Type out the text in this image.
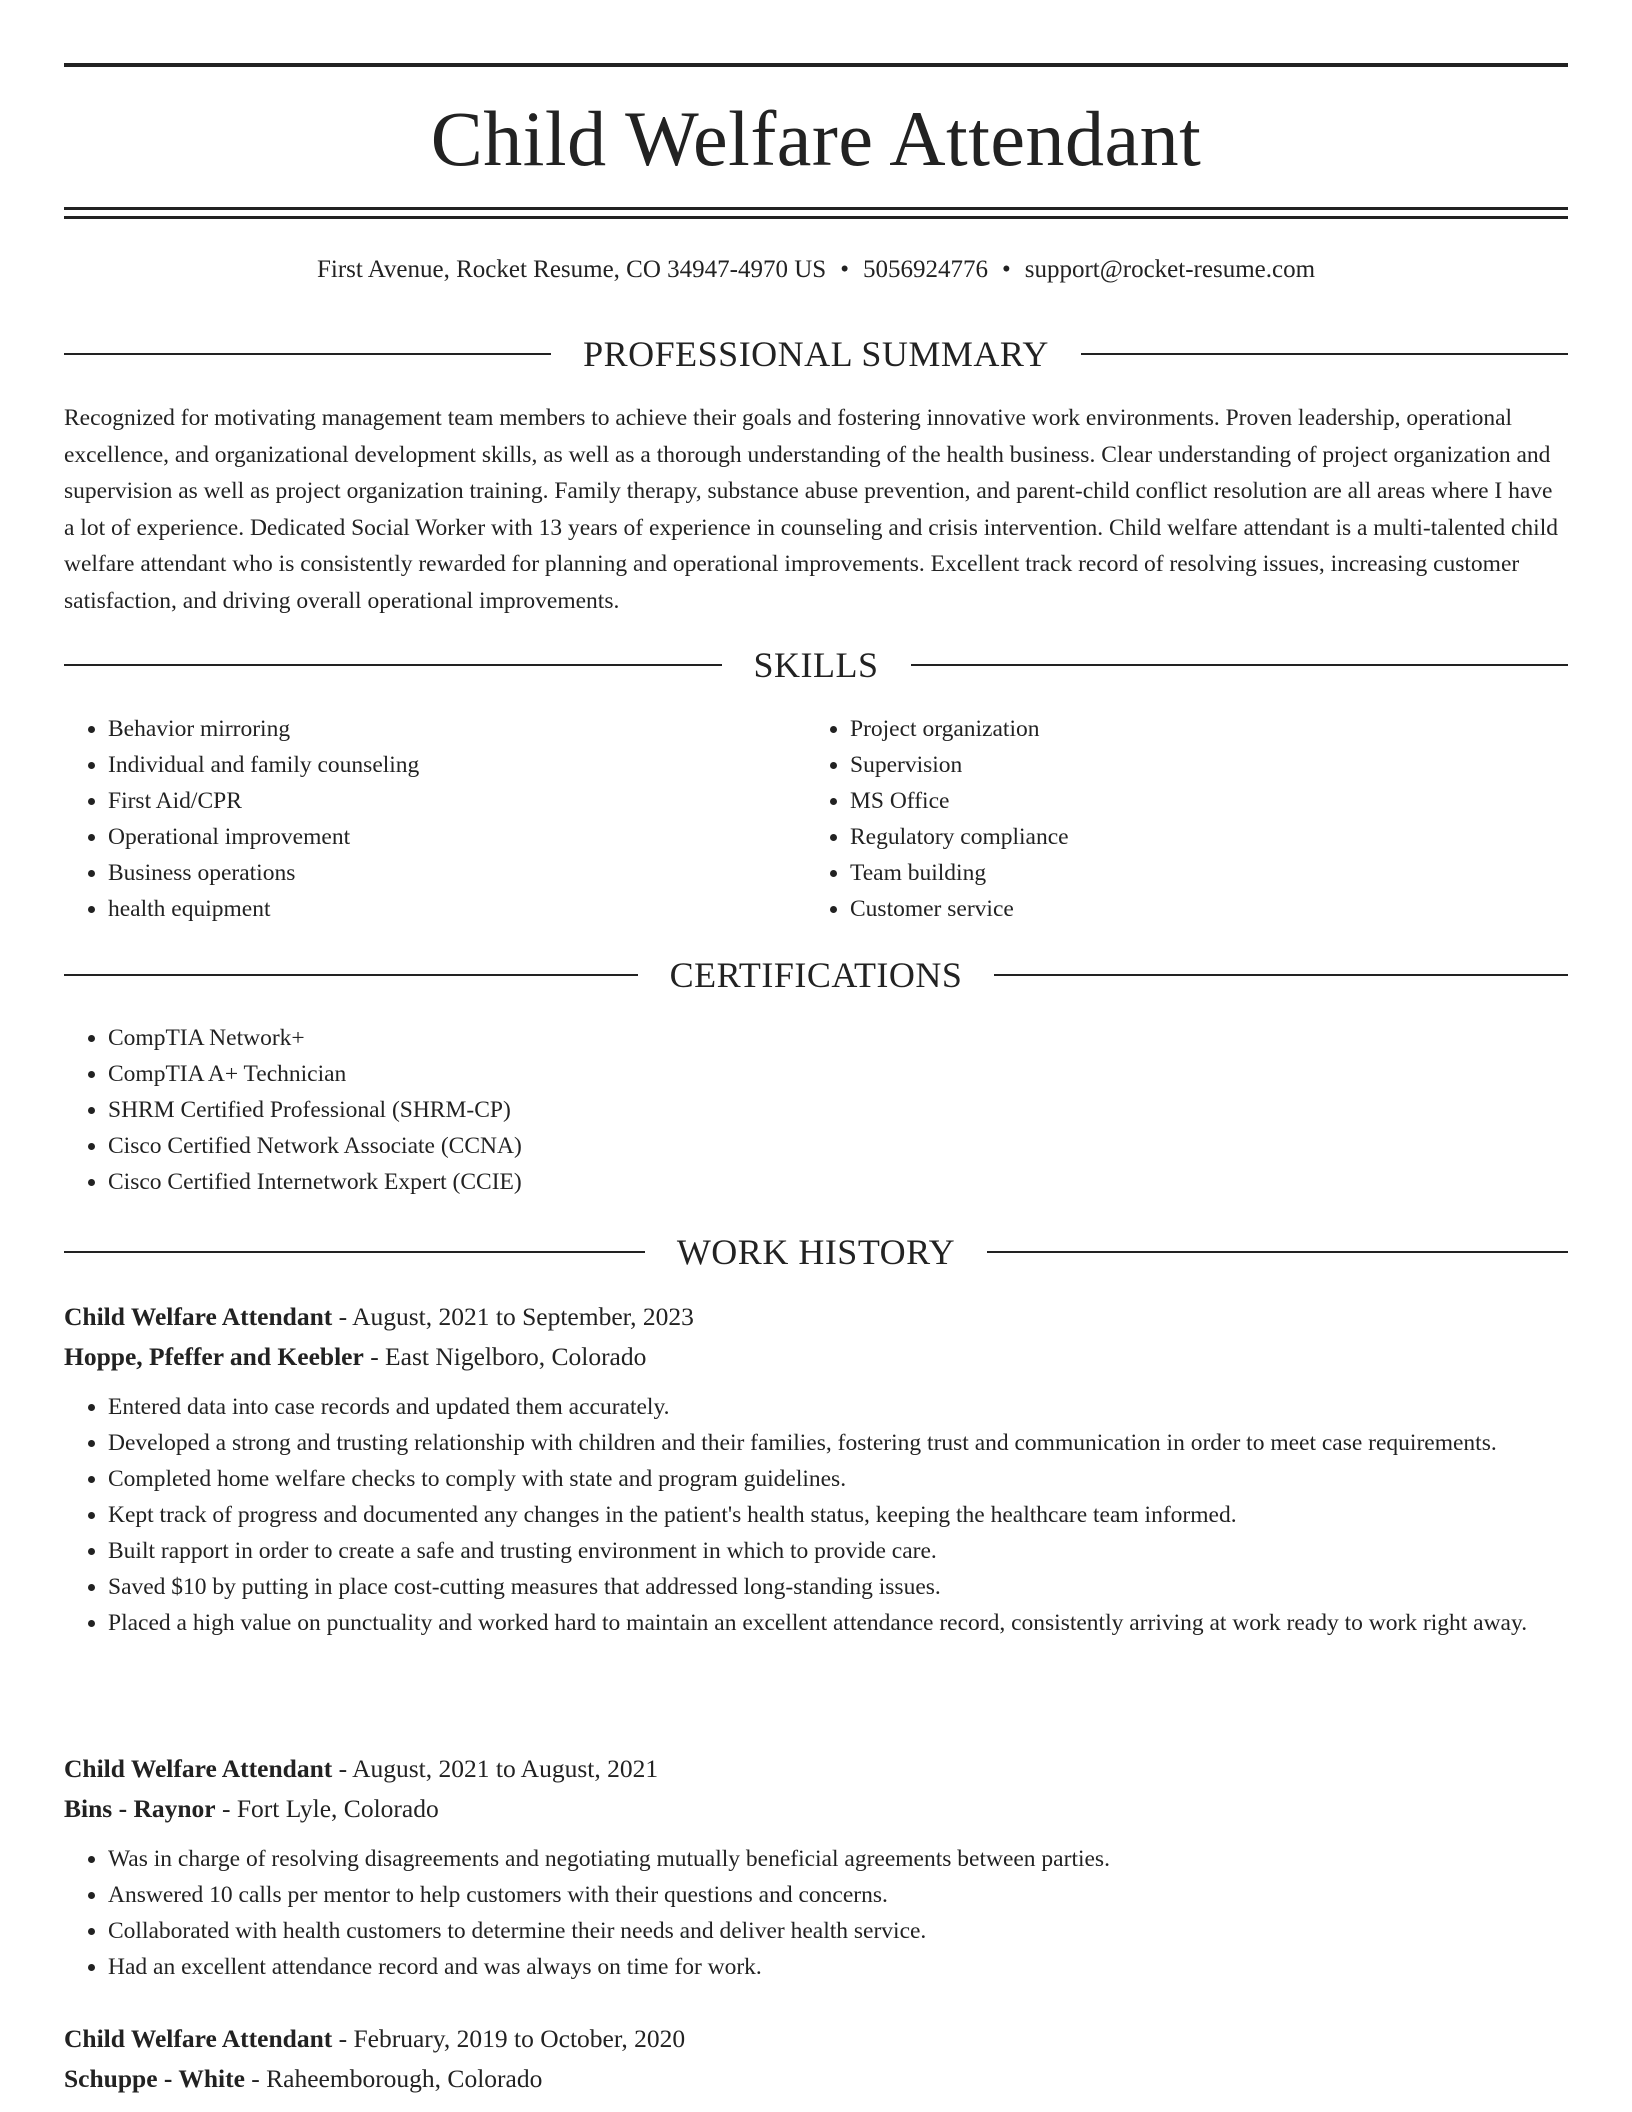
Child Welfare Attendant
First Avenue, Rocket Resume, CO 34947-4970 US • 5056924776 • support@rocket-resume.com
PROFESSIONAL SUMMARY

Recognized for motivating management team members to achieve their goals and fostering innovative work environments. Proven leadership, operational excellence, and organizational development skills, as well as a thorough understanding of the health business. Clear understanding of project organization and supervision as well as project organization training. Family therapy, substance abuse prevention, and parent-child conflict resolution are all areas where I have a lot of experience. Dedicated Social Worker with 13 years of experience in counseling and crisis intervention. Child welfare attendant is a multi-talented child welfare attendant who is consistently rewarded for planning and operational improvements. Excellent track record of resolving issues, increasing customer satisfaction, and driving overall operational improvements.

SKILLS
• Behavior mirroring
• Individual and family counseling
• First Aid/CPR
• Operational improvement
• Business operations
• health equipment
• Project organization
• Supervision
• MS Office
• Regulatory compliance
• Team building
• Customer service
CERTIFICATIONS
• CompTIA Network+
• CompTIA A+ Technician
• SHRM Certified Professional (SHRM-CP)
• Cisco Certified Network Associate (CCNA)
• Cisco Certified Internetwork Expert (CCIE)
WORK HISTORY
Child Welfare Attendant - August, 2021 to September, 2023
Hoppe, Pfeffer and Keebler - East Nigelboro, Colorado
• Entered data into case records and updated them accurately.
• Developed a strong and trusting relationship with children and their families, fostering trust and communication in order to meet case requirements.
• Completed home welfare checks to comply with state and program guidelines.
• Kept track of progress and documented any changes in the patient's health status, keeping the healthcare team informed.
• Built rapport in order to create a safe and trusting environment in which to provide care.
• Saved $10 by putting in place cost-cutting measures that addressed long-standing issues.
• Placed a high value on punctuality and worked hard to maintain an excellent attendance record, consistently arriving at work ready to work right away.
Child Welfare Attendant - August, 2021 to August, 2021
Bins - Raynor - Fort Lyle, Colorado
• Was in charge of resolving disagreements and negotiating mutually beneficial agreements between parties.
• Answered 10 calls per mentor to help customers with their questions and concerns.
• Collaborated with health customers to determine their needs and deliver health service.
• Had an excellent attendance record and was always on time for work.
Child Welfare Attendant - February, 2019 to October, 2020
Schuppe - White - Raheemborough, Colorado
